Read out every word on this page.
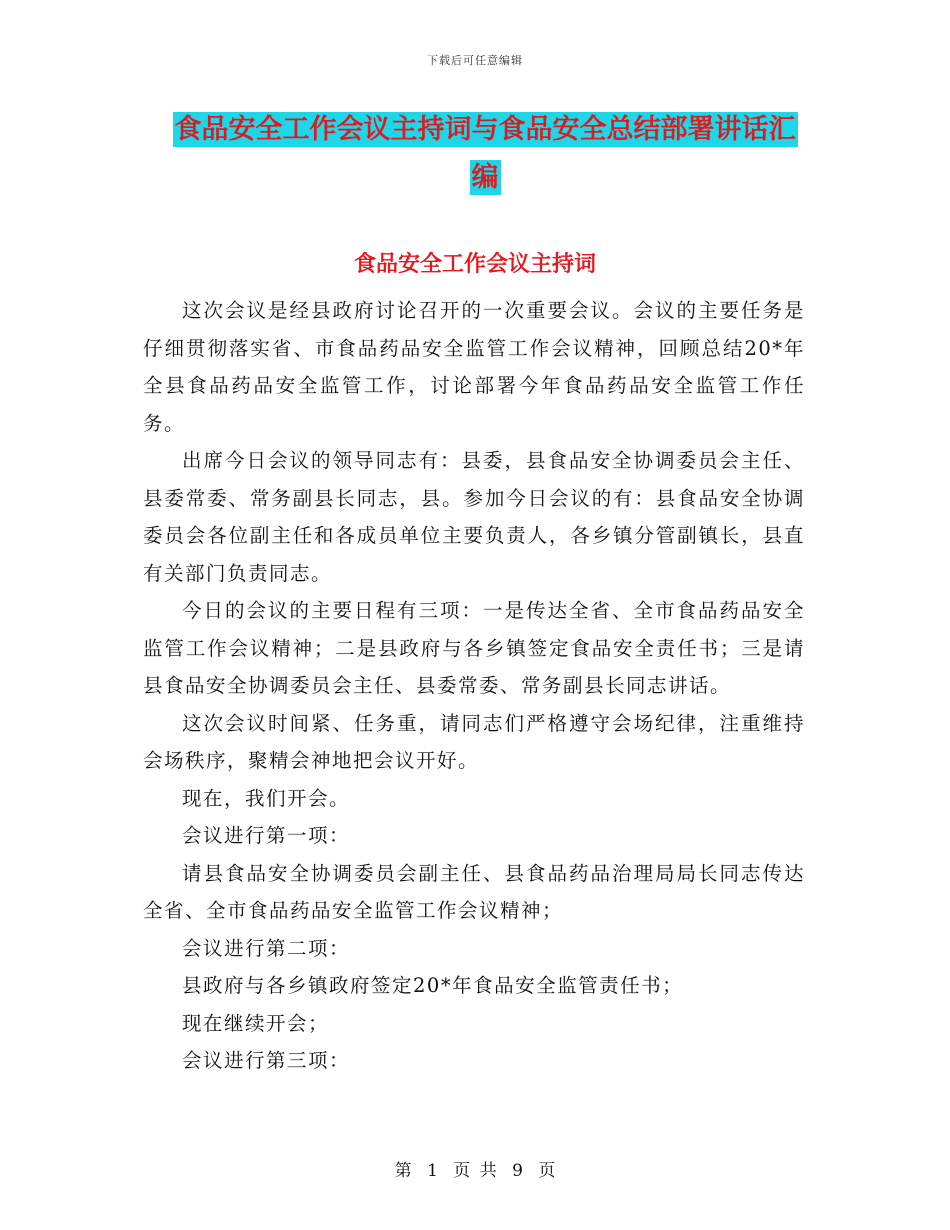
下载后可任意编辑
食品安全工作会议主持词与食品安全总结部署讲话汇
编
食品安全工作会议主持词

这次会议是经县政府讨论召开的一次重要会议。会议的主要任务是仔细贯彻落实省、市食品药品安全监管工作会议精神，回顾总结20*年全县食品药品安全监管工作，讨论部署今年食品药品安全监管工作任务。

出席今日会议的领导同志有：县委，县食品安全协调委员会主任、县委常委、常务副县长同志，县。参加今日会议的有：县食品安全协调委员会各位副主任和各成员单位主要负责人，各乡镇分管副镇长，县直有关部门负责同志。

今日的会议的主要日程有三项：一是传达全省、全市食品药品安全监管工作会议精神；二是县政府与各乡镇签定食品安全责任书；三是请县食品安全协调委员会主任、县委常委、常务副县长同志讲话。

这次会议时间紧、任务重，请同志们严格遵守会场纪律，注重维持会场秩序，聚精会神地把会议开好。

现在，我们开会。

会议进行第一项：

请县食品安全协调委员会副主任、县食品药品治理局局长同志传达全省、全市食品药品安全监管工作会议精神；

会议进行第二项：

县政府与各乡镇政府签定20*年食品安全监管责任书；

现在继续开会；

会议进行第三项：

第 1 页 共 9 页
